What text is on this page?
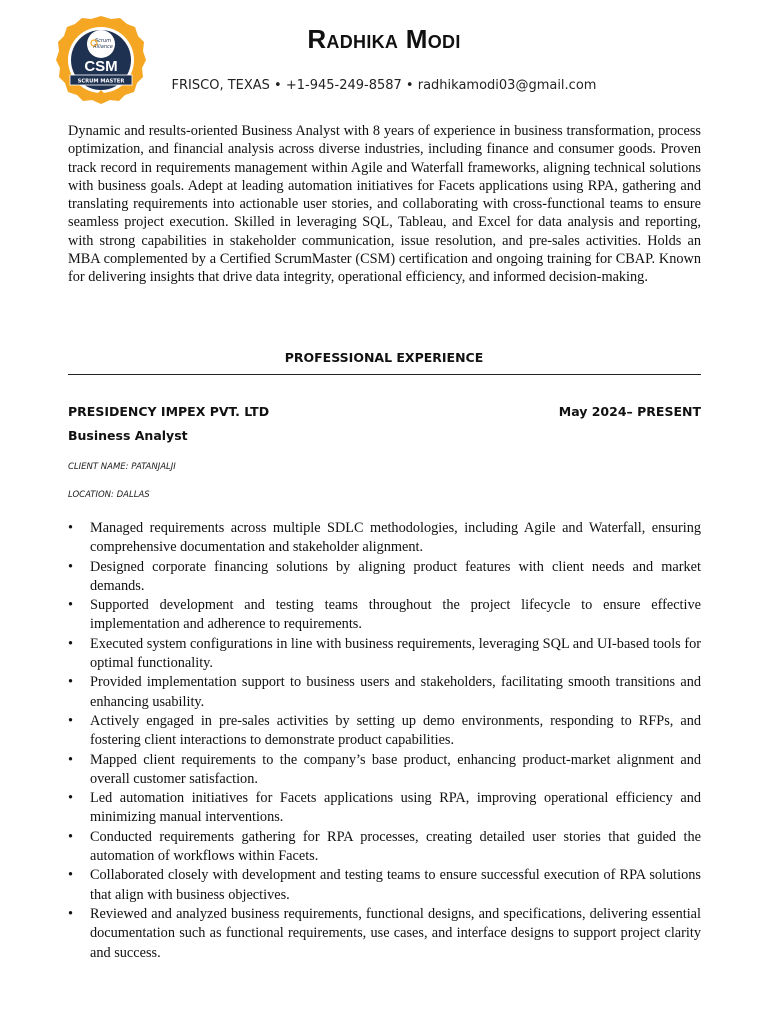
Scrum
Alliance
CSM
SCRUM MASTER
Radhika Modi
FRISCO, TEXAS • +1-945-249-8587 • radhikamodi03@gmail.com

Dynamic and results-oriented Business Analyst with 8 years of experience in business transformation, process optimization, and financial analysis across diverse industries, including finance and consumer goods. Proven track record in requirements management within Agile and Waterfall frameworks, aligning technical solutions with business goals. Adept at leading automation initiatives for Facets applications using RPA, gathering and translating requirements into actionable user stories, and collaborating with cross-functional teams to ensure seamless project execution. Skilled in leveraging SQL, Tableau, and Excel for data analysis and reporting, with strong capabilities in stakeholder communication, issue resolution, and pre-sales activities. Holds an MBA complemented by a Certified ScrumMaster (CSM) certification and ongoing training for CBAP. Known for delivering insights that drive data integrity, operational efficiency, and informed decision-making.

PROFESSIONAL EXPERIENCE
PRESIDENCY IMPEX PVT. LTD	May 2024– PRESENT
Business Analyst
CLIENT NAME: PATANJALJI
LOCATION: DALLAS
• Managed requirements across multiple SDLC methodologies, including Agile and Waterfall, ensuring comprehensive documentation and stakeholder alignment.
• Designed corporate financing solutions by aligning product features with client needs and market demands.
• Supported development and testing teams throughout the project lifecycle to ensure effective implementation and adherence to requirements.
• Executed system configurations in line with business requirements, leveraging SQL and UI-based tools for optimal functionality.
• Provided implementation support to business users and stakeholders, facilitating smooth transitions and enhancing usability.
• Actively engaged in pre-sales activities by setting up demo environments, responding to RFPs, and fostering client interactions to demonstrate product capabilities.
• Mapped client requirements to the company’s base product, enhancing product-market alignment and overall customer satisfaction.
• Led automation initiatives for Facets applications using RPA, improving operational efficiency and minimizing manual interventions.
• Conducted requirements gathering for RPA processes, creating detailed user stories that guided the automation of workflows within Facets.
• Collaborated closely with development and testing teams to ensure successful execution of RPA solutions that align with business objectives.
• Reviewed and analyzed business requirements, functional designs, and specifications, delivering essential documentation such as functional requirements, use cases, and interface designs to support project clarity and success.
